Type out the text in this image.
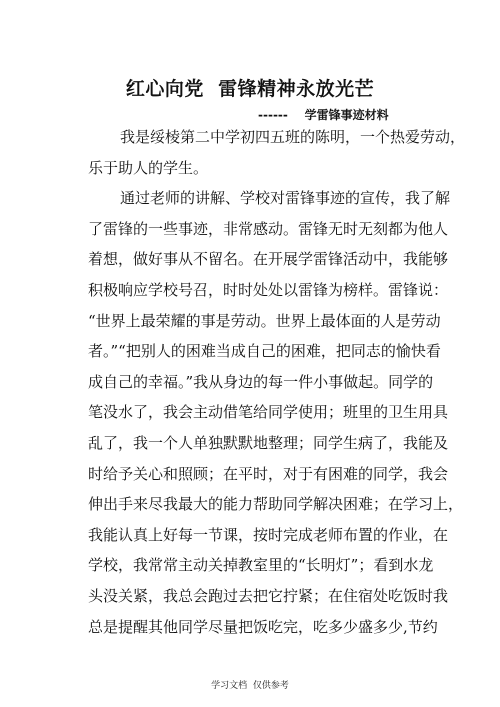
红心向党  雷锋精神永放光芒
------    学雷锋事迹材料
我是绥棱第二中学初四五班的陈明，一个热爱劳动，
乐于助人的学生。
通过老师的讲解、学校对雷锋事迹的宣传，我了解
了雷锋的一些事迹，非常感动。雷锋无时无刻都为他人
着想，做好事从不留名。在开展学雷锋活动中，我能够
积极响应学校号召，时时处处以雷锋为榜样。雷锋说：
“世界上最荣耀的事是劳动。世界上最体面的人是劳动
者。”“把别人的困难当成自己的困难，把同志的愉快看
成自己的幸福。”我从身边的每一件小事做起。同学的
笔没水了，我会主动借笔给同学使用；班里的卫生用具
乱了，我一个人单独默默地整理；同学生病了，我能及
时给予关心和照顾；在平时，对于有困难的同学，我会
伸出手来尽我最大的能力帮助同学解决困难；在学习上，
我能认真上好每一节课，按时完成老师布置的作业，在
学校，我常常主动关掉教室里的“长明灯”；看到水龙
头没关紧，我总会跑过去把它拧紧；在住宿处吃饭时我
总是提醒其他同学尽量把饭吃完，吃多少盛多少,节约
学习文档  仅供参考
